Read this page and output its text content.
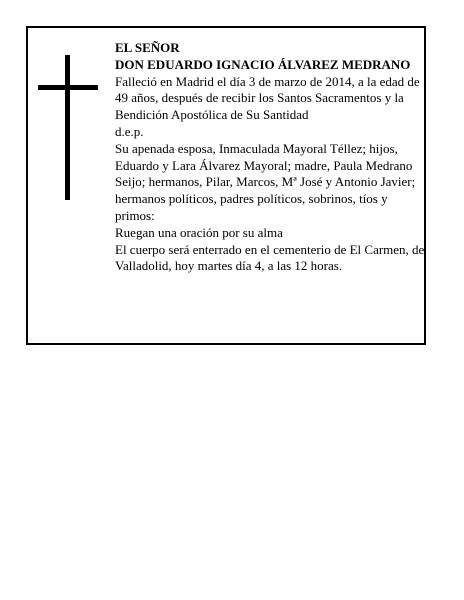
EL SEÑOR

DON EDUARDO IGNACIO ÁLVAREZ MEDRANO

Falleció en Madrid el día 3 de marzo de 2014, a la edad de 49 años, después de recibir los Santos Sacramentos y la Bendición Apostólica de Su Santidad

d.e.p.

Su apenada esposa, Inmaculada Mayoral Téllez; hijos, Eduardo y Lara Álvarez Mayoral; madre, Paula Medrano Seijo; hermanos, Pilar, Marcos, Mª José y Antonio Javier; hermanos políticos, padres políticos, sobrinos, tíos y primos:

Ruegan una oración por su alma

El cuerpo será enterrado en el cementerio de El Carmen, de Valladolid, hoy martes día 4, a las 12 horas.
